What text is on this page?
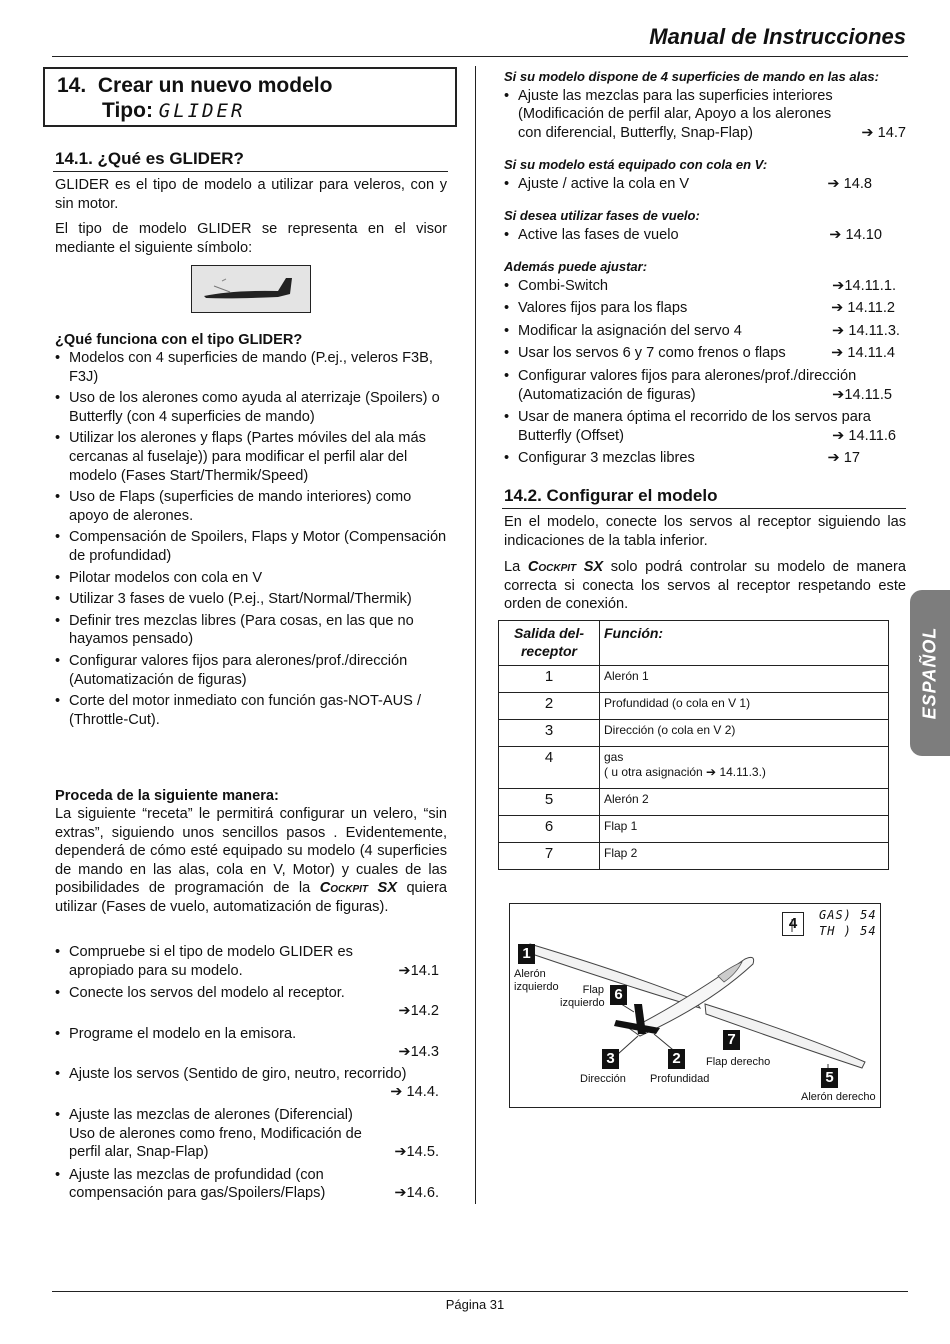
Manual de Instrucciones
14. Crear un nuevo modelo
Tipo: GLIDER
14.1. ¿Qué es GLIDER?
GLIDER es el tipo de modelo a utilizar para veleros, con y sin motor.
El tipo de modelo GLIDER se representa en el visor mediante el siguiente símbolo:
¿Qué funciona con el tipo GLIDER?
• Modelos con 4 superficies de mando (P.ej., veleros F3B, F3J)
• Uso de los alerones como ayuda al aterrizaje (Spoilers) o Butterfly (con 4 superficies de mando)
• Utilizar los alerones y flaps (Partes móviles del ala más cercanas al fuselaje)) para modificar el perfil alar del modelo (Fases Start/Thermik/Speed)
• Uso de Flaps (superficies de mando interiores) como apoyo de alerones.
• Compensación de Spoilers, Flaps y Motor (Compensación de profundidad)
• Pilotar modelos con cola en V
• Utilizar 3 fases de vuelo (P.ej., Start/Normal/Thermik)
• Definir tres mezclas libres (Para cosas, en las que no hayamos pensado)
• Configurar valores fijos para alerones/prof./dirección (Automatización de figuras)
• Corte del motor inmediato con función gas-NOT-AUS / (Throttle-Cut).
Proceda de la siguiente manera:
La siguiente “receta” le permitirá configurar un velero, “sin extras”, siguiendo unos sencillos pasos . Evidentemente, dependerá de cómo esté equipado su modelo (4 superficies de mando en las alas, cola en V, Motor) y cuales de las posibilidades de programación de la Cockpit SX quiera utilizar (Fases de vuelo, automatización de figuras).
• Compruebe si el tipo de modelo GLIDER es apropiado para su modelo.	➔14.1
• Conecte los servos del modelo al receptor.
➔14.2
• Programe el modelo en la emisora.
➔14.3
• Ajuste los servos (Sentido de giro, neutro, recorrido)
➔ 14.4.
• Ajuste las mezclas de alerones (Diferencial) Uso de alerones como freno, Modificación de perfil alar, Snap-Flap)	➔14.5.
• Ajuste las mezclas de profundidad (con compensación para gas/Spoilers/Flaps)	➔14.6.
Si su modelo dispone de 4 superficies de mando en las alas:
• Ajuste las mezclas para las superficies interiores (Modificación de perfil alar, Apoyo a los alerones con diferencial, Butterfly, Snap-Flap)	➔ 14.7
Si su modelo está equipado con cola en V:
• Ajuste / active la cola en V	➔ 14.8
Si desea utilizar fases de vuelo:
• Active las fases de vuelo	➔ 14.10
Además puede ajustar:
• Combi-Switch	➔14.11.1.
• Valores fijos para los flaps	➔ 14.11.2
• Modificar la asignación del servo 4	➔ 14.11.3.
• Usar los servos 6 y 7 como frenos o flaps	➔ 14.11.4
• Configurar valores fijos para alerones/prof./dirección (Automatización de figuras)	➔14.11.5
• Usar de manera óptima el recorrido de los servos para Butterfly (Offset)	➔ 14.11.6
• Configurar 3 mezclas libres	➔ 17
14.2. Configurar el modelo
En el modelo, conecte los servos al receptor siguiendo las indicaciones de la tabla inferior.
La Cockpit SX solo podrá controlar su modelo de manera correcta si conecta los servos al receptor respetando este orden de conexión.
Salida del-receptor	Función:
1	Alerón 1
2	Profundidad (o cola en V 1)
3	Dirección (o cola en V 2)
4	gas
( u otra asignación ➔ 14.11.3.)

5	Alerón 2
6	Flap 1
7	Flap 2
4	GAS) 54
TH ) 54
1
Alerón
izquierdo	6
Flap
izquierdo
3
Dirección
2
Profundidad
7
Flap derecho
5
Alerón derecho
ESPAÑOL
Página 31
